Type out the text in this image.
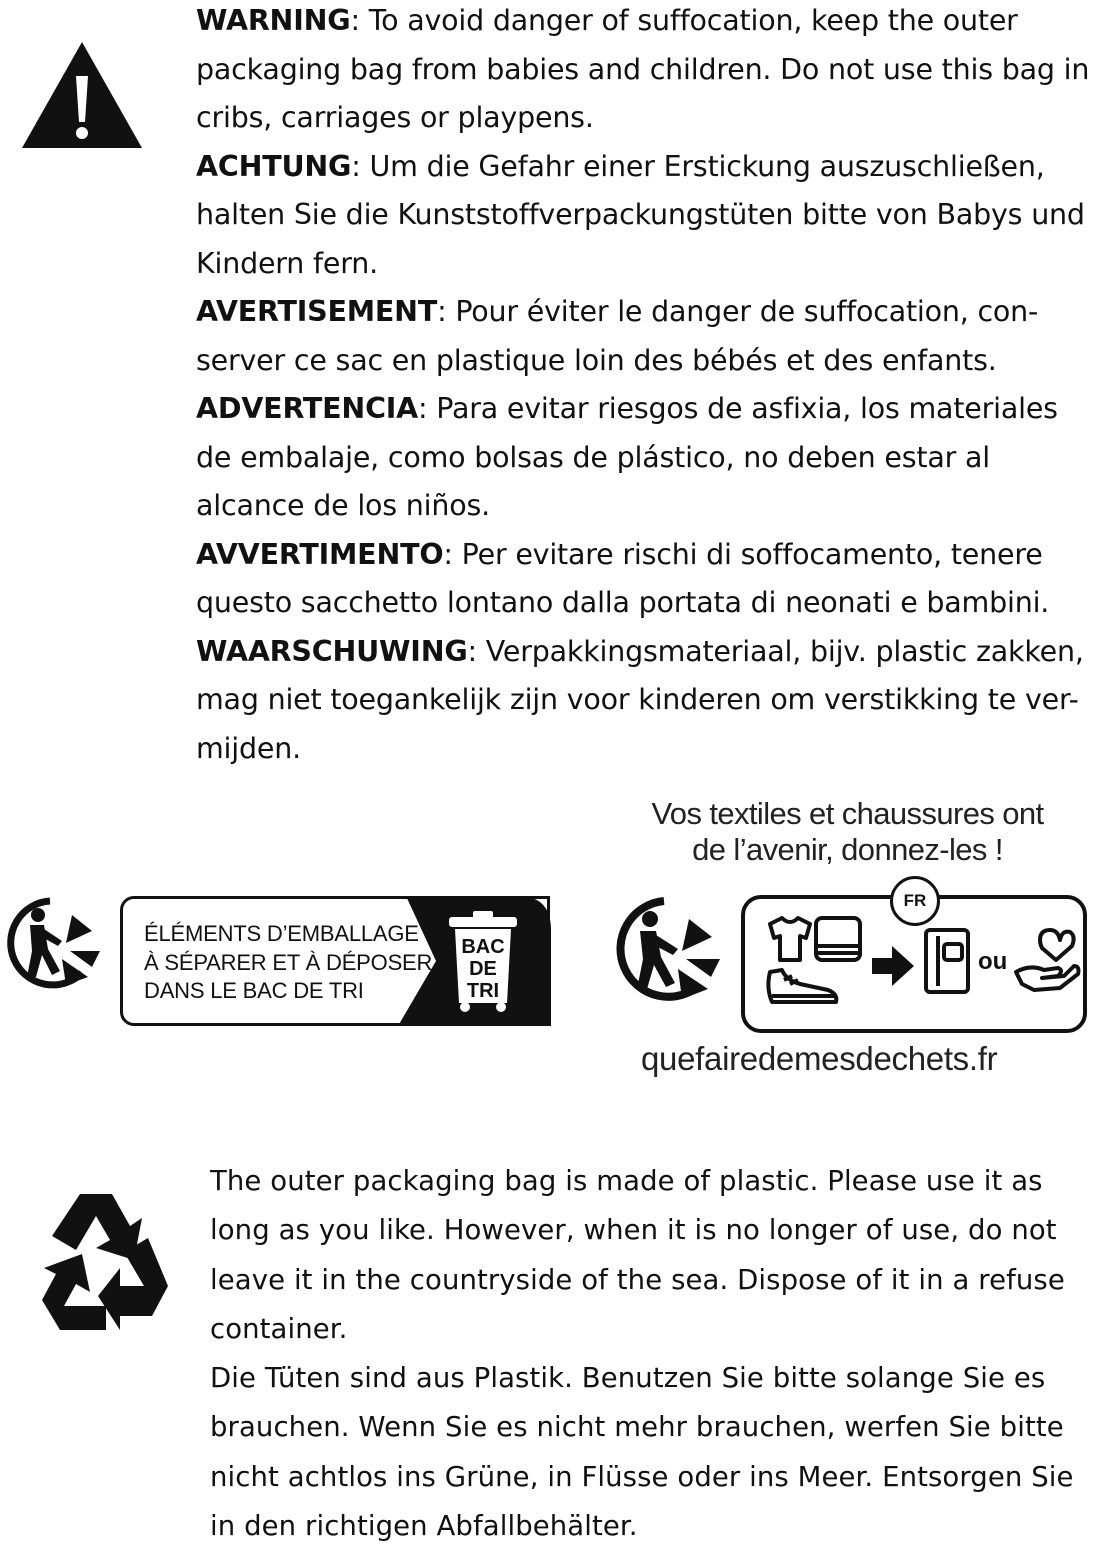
WARNING: To avoid danger of suffocation, keep the outer packaging bag from babies and children. Do not use this bag in cribs, carriages or playpens.

ACHTUNG: Um die Gefahr einer Erstickung auszuschließen, halten Sie die Kunststoffverpackungstüten bitte von Babys und Kindern fern.

AVERTISEMENT: Pour éviter le danger de suffocation, con-server ce sac en plastique loin des bébés et des enfants.

ADVERTENCIA: Para evitar riesgos de asfixia, los materiales de embalaje, como bolsas de plástico, no deben estar al alcance de los niños.

AVVERTIMENTO: Per evitare rischi di soffocamento, tenere questo sacchetto lontano dalla portata di neonati e bambini.

WAARSCHUWING: Verpakkingsmateriaal, bijv. plastic zakken, mag niet toegankelijk zijn voor kinderen om verstikking te ver-mijden.

ÉLÉMENTS D’EMBALLAGE
À SÉPARER ET À DÉPOSER
DANS LE BAC DE TRI
BAC
DE
TRI
Vos textiles et chaussures ont
de l’avenir, donnez-les !
FR
ou
quefairedemesdechets.fr

The outer packaging bag is made of plastic. Please use it as long as you like. However, when it is no longer of use, do not leave it in the countryside of the sea. Dispose of it in a refuse container.

Die Tüten sind aus Plastik. Benutzen Sie bitte solange Sie es brauchen. Wenn Sie es nicht mehr brauchen, werfen Sie bitte nicht achtlos ins Grüne, in Flüsse oder ins Meer. Entsorgen Sie in den richtigen Abfallbehälter.
